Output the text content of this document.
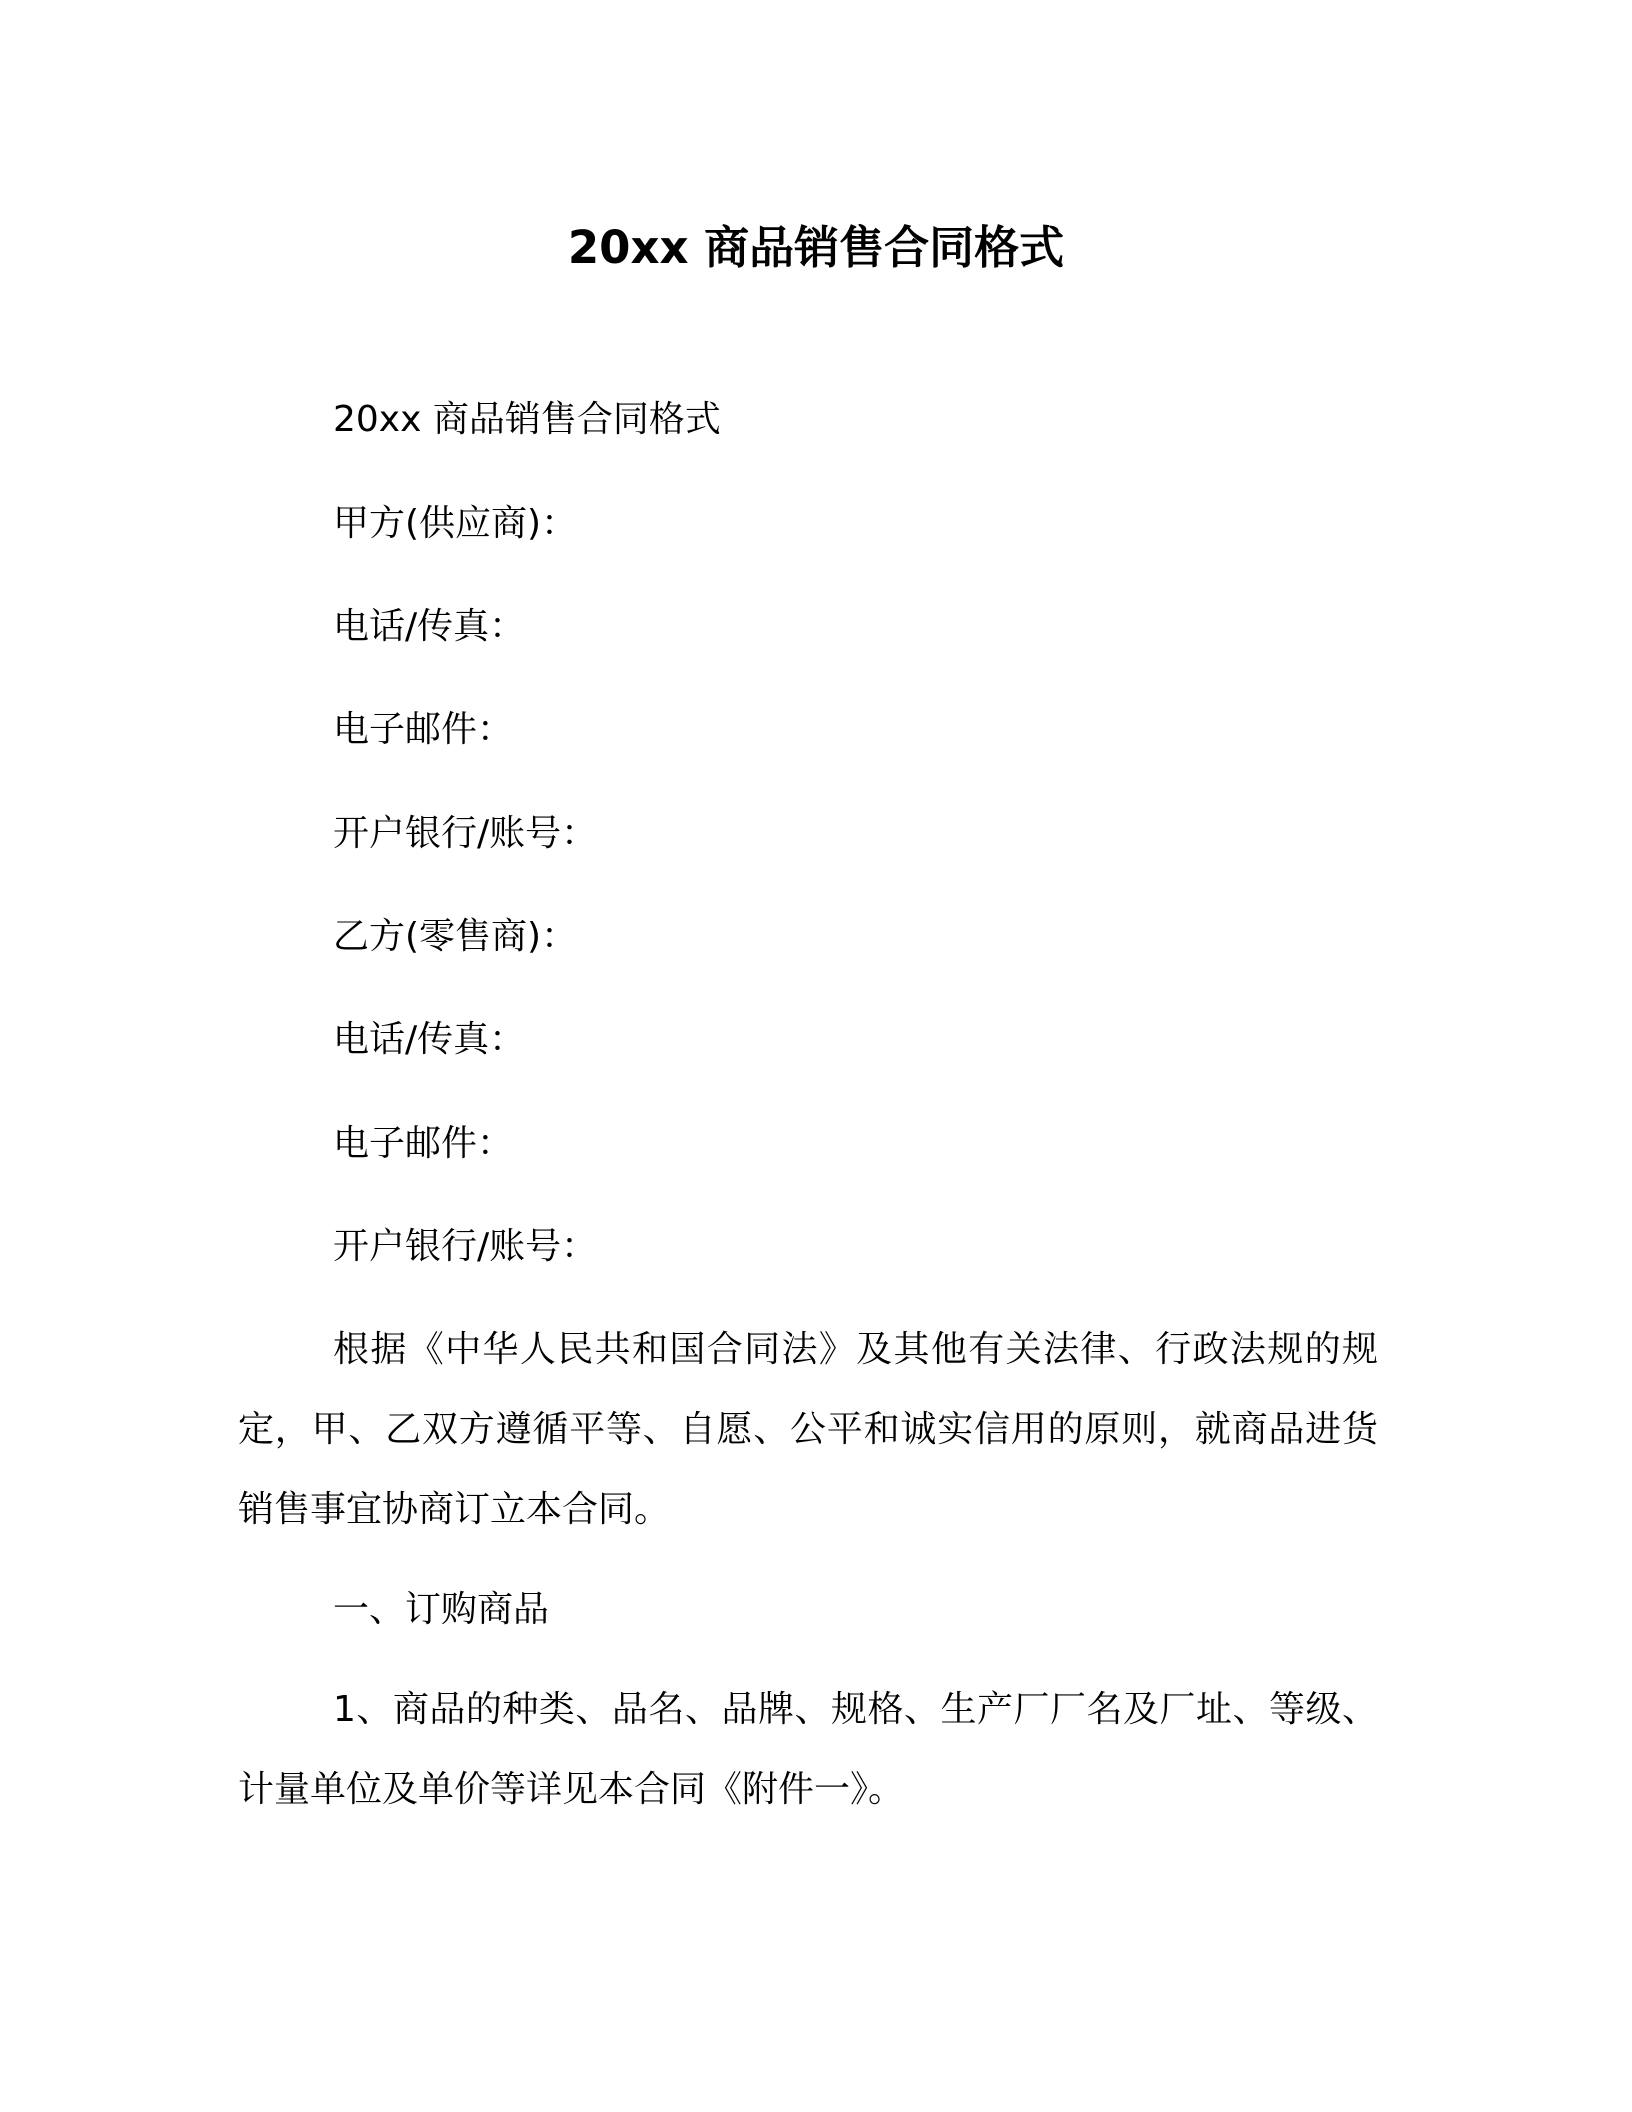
20xx 商品销售合同格式

20xx 商品销售合同格式

甲方(供应商)：

电话/传真：

电子邮件：

开户银行/账号：

乙方(零售商)：

电话/传真：

电子邮件：

开户银行/账号：

根据《中华人民共和国合同法》及其他有关法律、行政法规的规定，甲、乙双方遵循平等、自愿、公平和诚实信用的原则，就商品进货销售事宜协商订立本合同。

一、订购商品

1、商品的种类、品名、品牌、规格、生产厂厂名及厂址、等级、计量单位及单价等详见本合同《附件一》。
